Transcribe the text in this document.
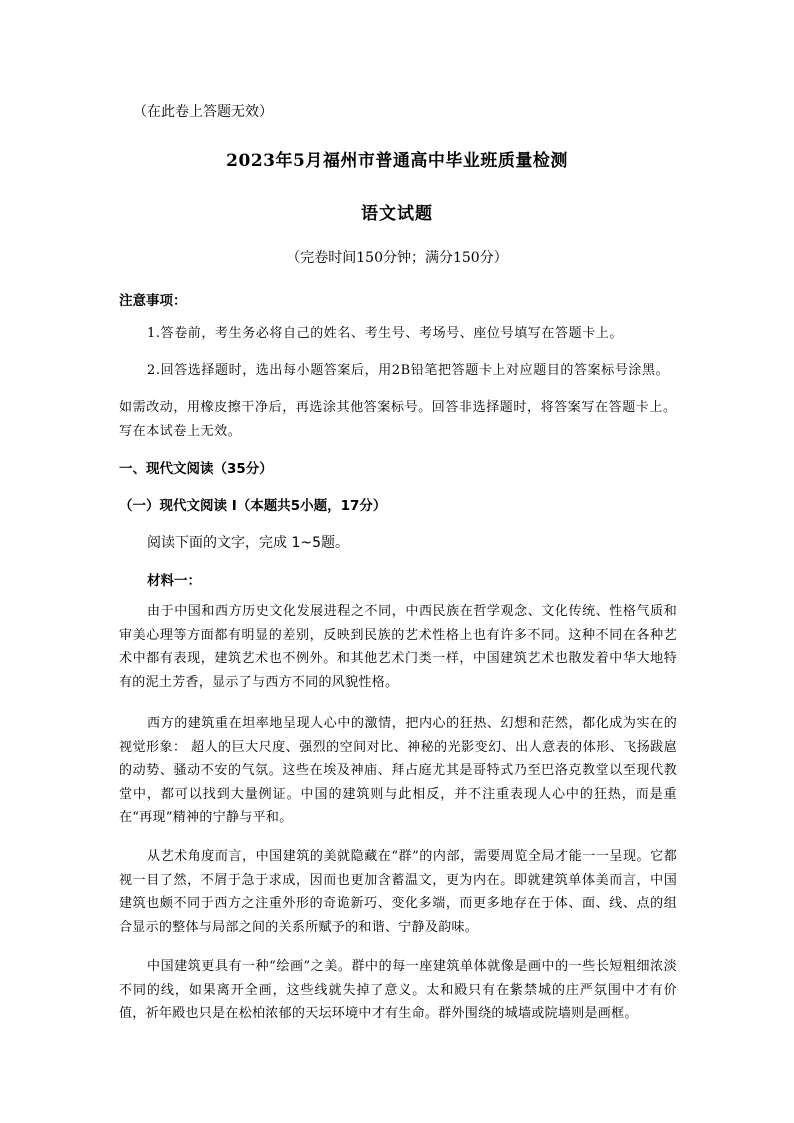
（在此卷上答题无效）
2023年5月福州市普通高中毕业班质量检测
语文试题
（完卷时间150分钟；满分150分）
注意事项：
1.答卷前，考生务必将自己的姓名、考生号、考场号、座位号填写在答题卡上。
2.回答选择题时，选出每小题答案后，用2B铅笔把答题卡上对应题目的答案标号涂黑。
如需改动，用橡皮擦干净后，再选涂其他答案标号。回答非选择题时，将答案写在答题卡上。
写在本试卷上无效。
一、现代文阅读（35分）
（一）现代文阅读 I（本题共5小题，17分）
阅读下面的文字，完成 1~5题。
材料一：
由于中国和西方历史文化发展进程之不同，中西民族在哲学观念、文化传统、性格气质和审美心理等方面都有明显的差别，反映到民族的艺术性格上也有许多不同。这种不同在各种艺术中都有表现，建筑艺术也不例外。和其他艺术门类一样，中国建筑艺术也散发着中华大地特有的泥土芳香，显示了与西方不同的风貌性格。
西方的建筑重在坦率地呈现人心中的激情，把内心的狂热、幻想和茫然，都化成为实在的视觉形象： 超人的巨大尺度、强烈的空间对比、神秘的光影变幻、出人意表的体形、飞扬跋扈的动势、骚动不安的气氛。这些在埃及神庙、拜占庭尤其是哥特式乃至巴洛克教堂以至现代教堂中，都可以找到大量例证。中国的建筑则与此相反，并不注重表现人心中的狂热，而是重在“再现”精神的宁静与平和。
从艺术角度而言，中国建筑的美就隐藏在“群”的内部，需要周览全局才能一一呈现。它都视一目了然，不屑于急于求成，因而也更加含蓄温文，更为内在。即就建筑单体美而言，中国建筑也颇不同于西方之注重外形的奇诡新巧、变化多端，而更多地存在于体、面、线、点的组合显示的整体与局部之间的关系所赋予的和谐、宁静及韵味。
中国建筑更具有一种“绘画”之美。群中的每一座建筑单体就像是画中的一些长短粗细浓淡不同的线，如果离开全画，这些线就失掉了意义。太和殿只有在紫禁城的庄严氛围中才有价值，祈年殿也只是在松柏浓郁的天坛环境中才有生命。群外围绕的城墙或院墙则是画框。
